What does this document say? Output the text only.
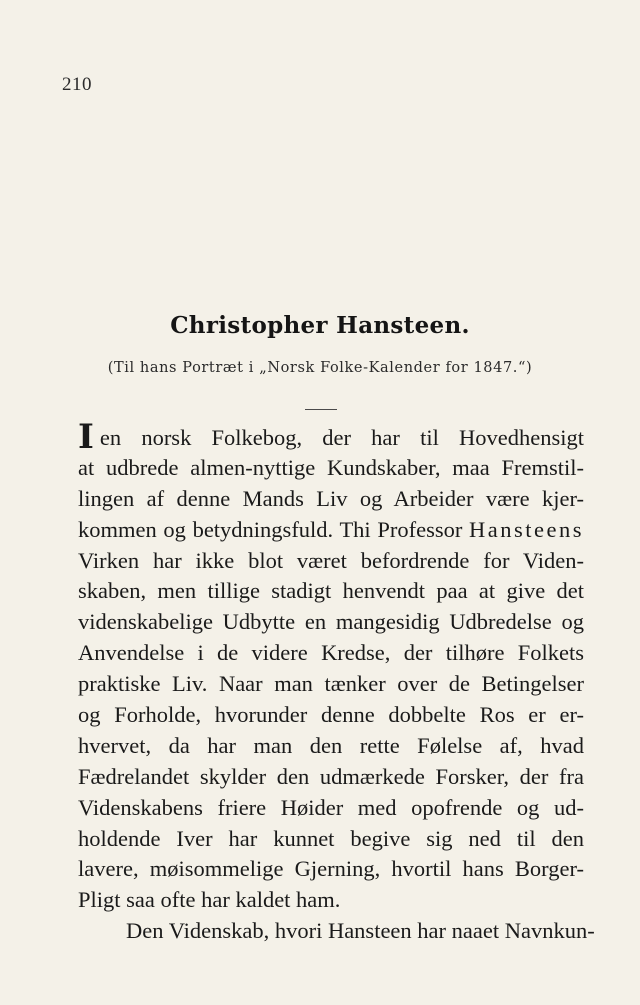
210
Christopher Hansteen.
(Til hans Portræt i „Norsk Folke-Kalender for 1847.“)
Ien norsk Folkebog, der har til Hovedhensigt
at udbrede almen-nyttige Kundskaber, maa Fremstil-
lingen af denne Mands Liv og Arbeider være kjer-
kommen og betydningsfuld. Thi Professor Hansteens
Virken har ikke blot været befordrende for Viden-
skaben, men tillige stadigt henvendt paa at give det
videnskabelige Udbytte en mangesidig Udbredelse og
Anvendelse i de videre Kredse, der tilhøre Folkets
praktiske Liv. Naar man tænker over de Betingelser
og Forholde, hvorunder denne dobbelte Ros er er-
hvervet, da har man den rette Følelse af, hvad
Fædrelandet skylder den udmærkede Forsker, der fra
Videnskabens friere Høider med opofrende og ud-
holdende Iver har kunnet begive sig ned til den
lavere, møisommelige Gjerning, hvortil hans Borger-
Pligt saa ofte har kaldet ham.
Den Videnskab, hvori Hansteen har naaet Navnkun-
